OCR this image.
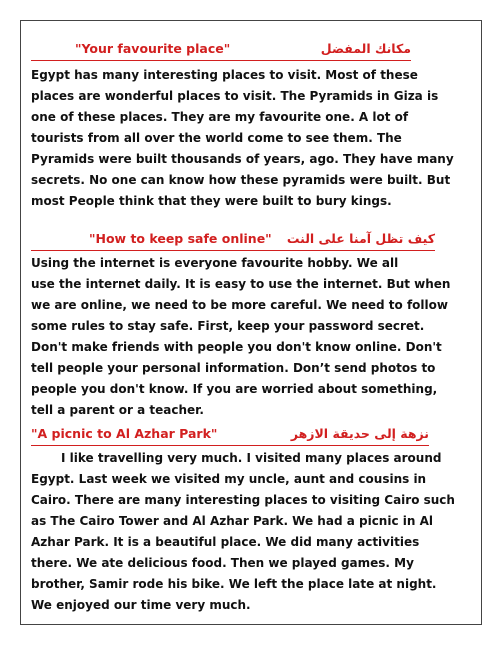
"Your favourite place"	مكانك المفضل
Egypt has many interesting places to visit. Most of these
places are wonderful places to visit. The Pyramids in Giza is
one of these places. They are my favourite one. A lot of
tourists from all over the world come to see them. The
Pyramids were built thousands of years, ago. They have many
secrets. No one can know how these pyramids were built. But
most People think that they were built to bury kings.
"How to keep safe online" كيف تظل آمنا على النت
Using the internet is everyone favourite hobby. We all
use the internet daily. It is easy to use the internet. But when
we are online, we need to be more careful. We need to follow
some rules to stay safe. First, keep your password secret.
Don't make friends with people you don't know online. Don't
tell people your personal information. Don’t send photos to
people you don't know. If you are worried about something,
tell a parent or a teacher.
"A picnic to Al Azhar Park"	نزهة إلى حديقة الازهر
I like travelling very much. I visited many places around
Egypt. Last week we visited my uncle, aunt and cousins in
Cairo. There are many interesting places to visiting Cairo such
as The Cairo Tower and Al Azhar Park. We had a picnic in Al
Azhar Park. It is a beautiful place. We did many activities
there. We ate delicious food. Then we played games. My
brother, Samir rode his bike. We left the place late at night.
We enjoyed our time very much.
